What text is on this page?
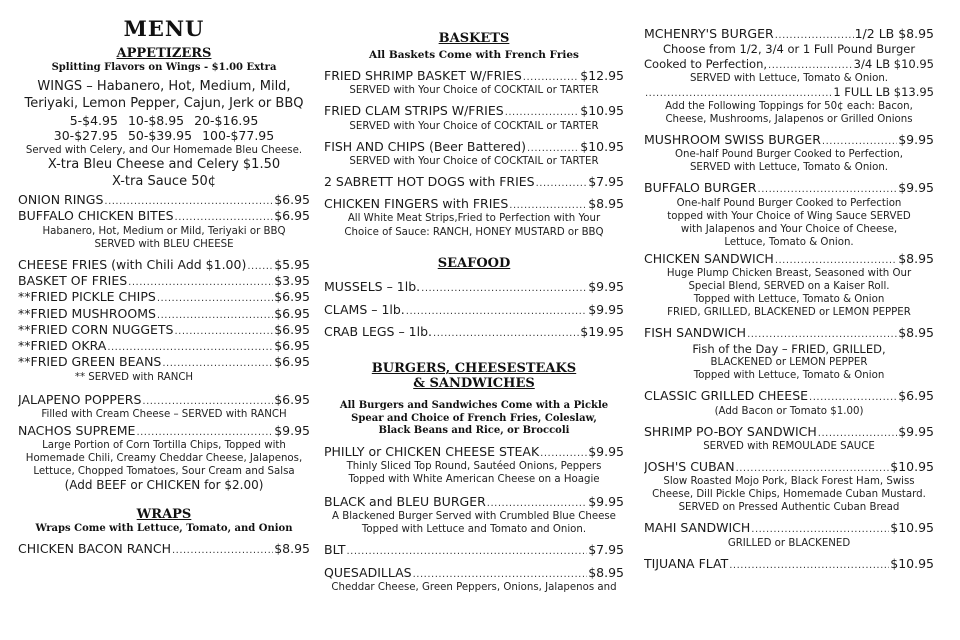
MENU
APPETIZERS
Splitting Flavors on Wings - $1.00 Extra
WINGS – Habanero, Hot, Medium, Mild,
Teriyaki, Lemon Pepper, Cajun, Jerk or BBQ
5-$4.95 10-$8.95 20-$16.95
30-$27.95 50-$39.95 100-$77.95
Served with Celery, and Our Homemade Bleu Cheese.
X-tra Bleu Cheese and Celery $1.50
X-tra Sauce 50¢
ONION RINGS .....	$6.95
BUFFALO CHICKEN BITES .....	$6.95
Habanero, Hot, Medium or Mild, Teriyaki or BBQ
SERVED with BLEU CHEESE
CHEESE FRIES (with Chili Add $1.00) ..... $5.95
BASKET OF FRIES .....	$3.95
**FRIED PICKLE CHIPS .....	$6.95
**FRIED MUSHROOMS .....	$6.95
**FRIED CORN NUGGETS .....	$6.95
**FRIED OKRA .....	$6.95
**FRIED GREEN BEANS .....	$6.95
** SERVED with RANCH
JALAPENO POPPERS .....	$6.95
Filled with Cream Cheese – SERVED with RANCH
NACHOS SUPREME .....	$9.95
Large Portion of Corn Tortilla Chips, Topped with
Homemade Chili, Creamy Cheddar Cheese, Jalapenos,
Lettuce, Chopped Tomatoes, Sour Cream and Salsa
(Add BEEF or CHICKEN for $2.00)
WRAPS
Wraps Come with Lettuce, Tomato, and Onion
CHICKEN BACON RANCH .....	$8.95
BASKETS
All Baskets Come with French Fries
FRIED SHRIMP BASKET W/FRIES .....	$12.95
SERVED with Your Choice of COCKTAIL or TARTER
FRIED CLAM STRIPS W/FRIES .....	$10.95
SERVED with Your Choice of COCKTAIL or TARTER
FISH AND CHIPS (Beer Battered) .....	$10.95
SERVED with Your Choice of COCKTAIL or TARTER
2 SABRETT HOT DOGS with FRIES .....	$7.95
CHICKEN FINGERS with FRIES .....	$8.95
All White Meat Strips,Fried to Perfection with Your
Choice of Sauce: RANCH, HONEY MUSTARD or BBQ
SEAFOOD
MUSSELS – 1lb. .....	$9.95
CLAMS – 1lb. .....	$9.95
CRAB LEGS – 1lb. .....	$19.95
BURGERS, CHEESESTEAKS
& SANDWICHES
All Burgers and Sandwiches Come with a Pickle
Spear and Choice of French Fries, Coleslaw,
Black Beans and Rice, or Broccoli
PHILLY or CHICKEN CHEESE STEAK .....	$9.95
Thinly Sliced Top Round, Sautéed Onions, Peppers
Topped with White American Cheese on a Hoagie
BLACK and BLEU BURGER .....	$9.95
A Blackened Burger Served with Crumbled Blue Cheese
Topped with Lettuce and Tomato and Onion.
BLT .....	$7.95
QUESADILLAS .....	$8.95
Cheddar Cheese, Green Peppers, Onions, Jalapenos and
MCHENRY'S BURGER .....	1/2 LB $8.95
Choose from 1/2, 3/4 or 1 Full Pound Burger
Cooked to Perfection, .....	3/4 LB $10.95
SERVED with Lettuce, Tomato & Onion.
.....
1 FULL LB $13.95
Add the Following Toppings for 50¢ each: Bacon,
Cheese, Mushrooms, Jalapenos or Grilled Onions
MUSHROOM SWISS BURGER .....	$9.95
One-half Pound Burger Cooked to Perfection,
SERVED with Lettuce, Tomato & Onion.
BUFFALO BURGER .....	$9.95
One-half Pound Burger Cooked to Perfection
topped with Your Choice of Wing Sauce SERVED
with Jalapenos and Your Choice of Cheese,
Lettuce, Tomato & Onion.
CHICKEN SANDWICH .....	$8.95
Huge Plump Chicken Breast, Seasoned with Our
Special Blend, SERVED on a Kaiser Roll.
Topped with Lettuce, Tomato & Onion
FRIED, GRILLED, BLACKENED or LEMON PEPPER
FISH SANDWICH .....	$8.95
Fish of the Day – FRIED, GRILLED,
BLACKENED or LEMON PEPPER
Topped with Lettuce, Tomato & Onion
CLASSIC GRILLED CHEESE .....	$6.95
(Add Bacon or Tomato $1.00)
SHRIMP PO-BOY SANDWICH .....	$9.95
SERVED with REMOULADE SAUCE
JOSH'S CUBAN .....	$10.95
Slow Roasted Mojo Pork, Black Forest Ham, Swiss
Cheese, Dill Pickle Chips, Homemade Cuban Mustard.
SERVED on Pressed Authentic Cuban Bread
MAHI SANDWICH .....	$10.95
GRILLED or BLACKENED
TIJUANA FLAT .....	$10.95
